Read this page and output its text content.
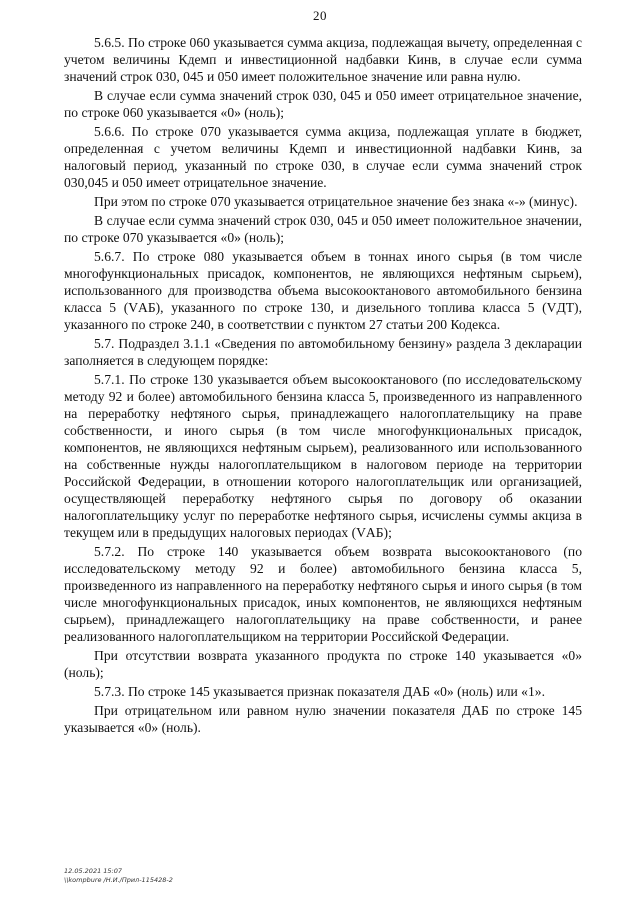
20

5.6.5. По строке 060 указывается сумма акциза, подлежащая вычету, определенная с учетом величины Кдемп и инвестиционной надбавки Кинв, в случае если сумма значений строк 030, 045 и 050 имеет положительное значение или равна нулю.

В случае если сумма значений строк 030, 045 и 050 имеет отрицательное значение, по строке 060 указывается «0» (ноль);

5.6.6. По строке 070 указывается сумма акциза, подлежащая уплате в бюджет, определенная с учетом величины Кдемп и инвестиционной надбавки Кинв, за налоговый период, указанный по строке 030, в случае если сумма значений строк 030,045 и 050 имеет отрицательное значение.

При этом по строке 070 указывается отрицательное значение без знака «-» (минус).

В случае если сумма значений строк 030, 045 и 050 имеет положительное значении, по строке 070 указывается «0» (ноль);

5.6.7. По строке 080 указывается объем в тоннах иного сырья (в том числе многофункциональных присадок, компонентов, не являющихся нефтяным сырьем), использованного для производства объема высокооктанового автомобильного бензина класса 5 (VАБ), указанного по строке 130, и дизельного топлива класса 5 (VДТ), указанного по строке 240, в соответствии с пунктом 27 статьи 200 Кодекса.

5.7. Подраздел 3.1.1 «Сведения по автомобильному бензину» раздела 3 декларации заполняется в следующем порядке:

5.7.1. По строке 130 указывается объем высокооктанового (по исследовательскому методу 92 и более) автомобильного бензина класса 5, произведенного из направленного на переработку нефтяного сырья, принадлежащего налогоплательщику на праве собственности, и иного сырья (в том числе многофункциональных присадок, компонентов, не являющихся нефтяным сырьем), реализованного или использованного на собственные нужды налогоплательщиком в налоговом периоде на территории Российской Федерации, в отношении которого налогоплательщик или организацией, осуществляющей переработку нефтяного сырья по договору об оказании налогоплательщику услуг по переработке нефтяного сырья, исчислены суммы акциза в текущем или в предыдущих налоговых периодах (VАБ);

5.7.2. По строке 140 указывается объем возврата высокооктанового (по исследовательскому методу 92 и более) автомобильного бензина класса 5, произведенного из направленного на переработку нефтяного сырья и иного сырья (в том числе многофункциональных присадок, иных компонентов, не являющихся нефтяным сырьем), принадлежащего налогоплательщику на праве собственности, и ранее реализованного налогоплательщиком на территории Российской Федерации.

При отсутствии возврата указанного продукта по строке 140 указывается «0» (ноль);

5.7.3. По строке 145 указывается признак показателя ДАБ «0» (ноль) или «1».

При отрицательном или равном нулю значении показателя ДАБ по строке 145 указывается «0» (ноль).

12.05.2021 15:07
\\kompbure /Н.И./Прил-115428-2
